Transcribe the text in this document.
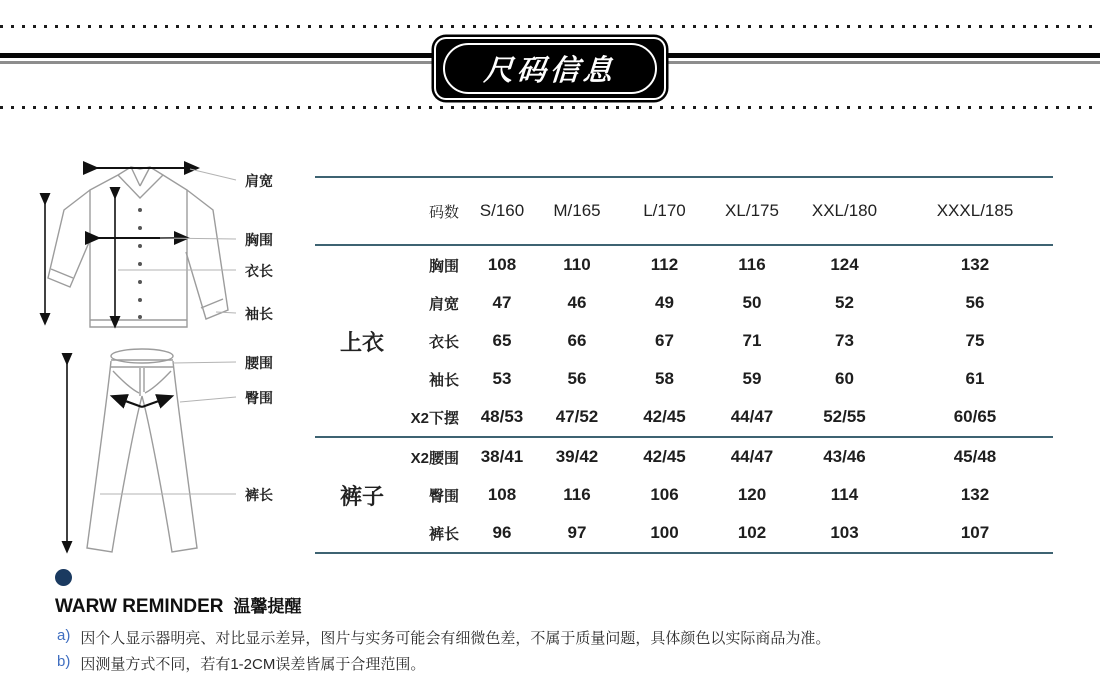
尺码信息
肩宽
胸围
衣长
袖长
腰围
臀围
裤长
	码数	S/160	M/165	L/170	XL/175	XXL/180	XXXL/185
上衣	胸围	108	110	112	116	124	132
	肩宽	47	46	49	50	52	56
	衣长	65	66	67	71	73	75
	袖长	53	56	58	59	60	61
	X2下摆	48/53	47/52	42/45	44/47	52/55	60/65
裤子	X2腰围	38/41	39/42	42/45	44/47	43/46	45/48
	臀围	108	116	106	120	114	132
	裤长	96	97	100	102	103	107
WARW REMINDER 温馨提醒
a) 因个人显示器明亮、对比显示差异，图片与实务可能会有细微色差，不属于质量问题，具体颜色以实际商品为准。
b) 因测量方式不同，若有1-2CM误差皆属于合理范围。
